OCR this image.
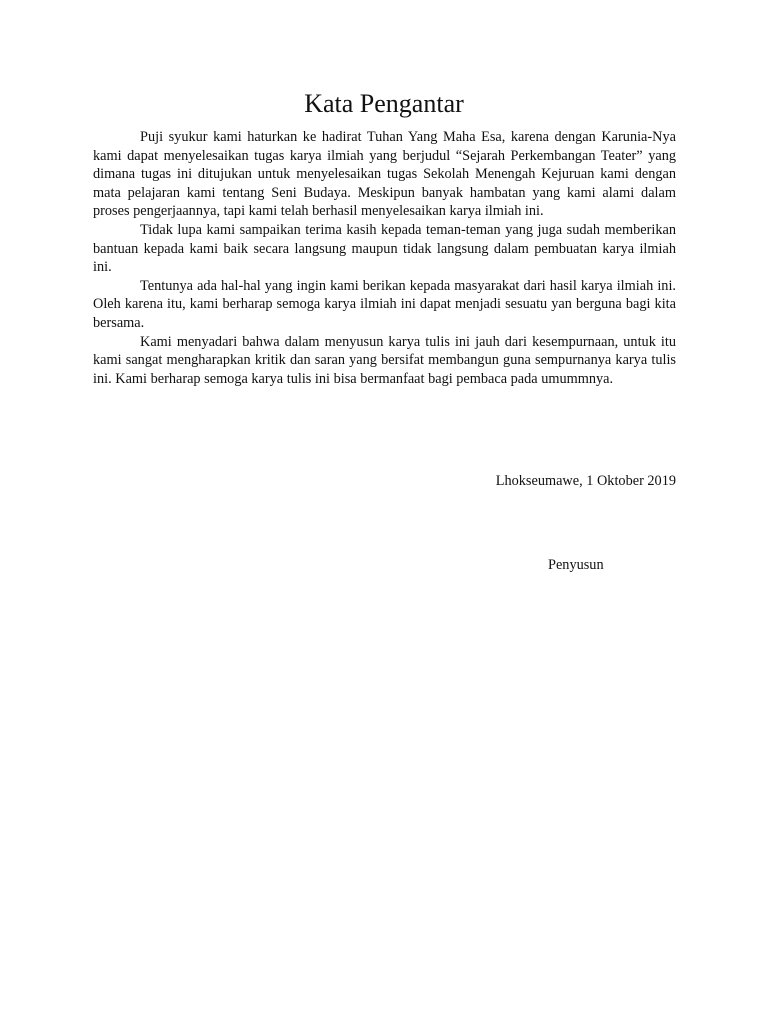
Kata Pengantar

Puji syukur kami haturkan ke hadirat Tuhan Yang Maha Esa, karena dengan Karunia-Nya kami dapat menyelesaikan tugas karya ilmiah yang berjudul “Sejarah Perkembangan Teater” yang dimana tugas ini ditujukan untuk menyelesaikan tugas Sekolah Menengah Kejuruan kami dengan mata pelajaran kami tentang Seni Budaya. Meskipun banyak hambatan yang kami alami dalam proses pengerjaannya, tapi kami telah berhasil menyelesaikan karya ilmiah ini.

Tidak lupa kami sampaikan terima kasih kepada teman-teman yang juga sudah memberikan bantuan kepada kami baik secara langsung maupun tidak langsung dalam pembuatan karya ilmiah ini.

Tentunya ada hal-hal yang ingin kami berikan kepada masyarakat dari hasil karya ilmiah ini. Oleh karena itu, kami berharap semoga karya ilmiah ini dapat menjadi sesuatu yan berguna bagi kita bersama.

Kami menyadari bahwa dalam menyusun karya tulis ini jauh dari kesempurnaan, untuk itu kami sangat mengharapkan kritik dan saran yang bersifat membangun guna sempurnanya karya tulis ini. Kami berharap semoga karya tulis ini bisa bermanfaat bagi pembaca pada umummnya.

Lhokseumawe, 1 Oktober 2019

Penyusun
